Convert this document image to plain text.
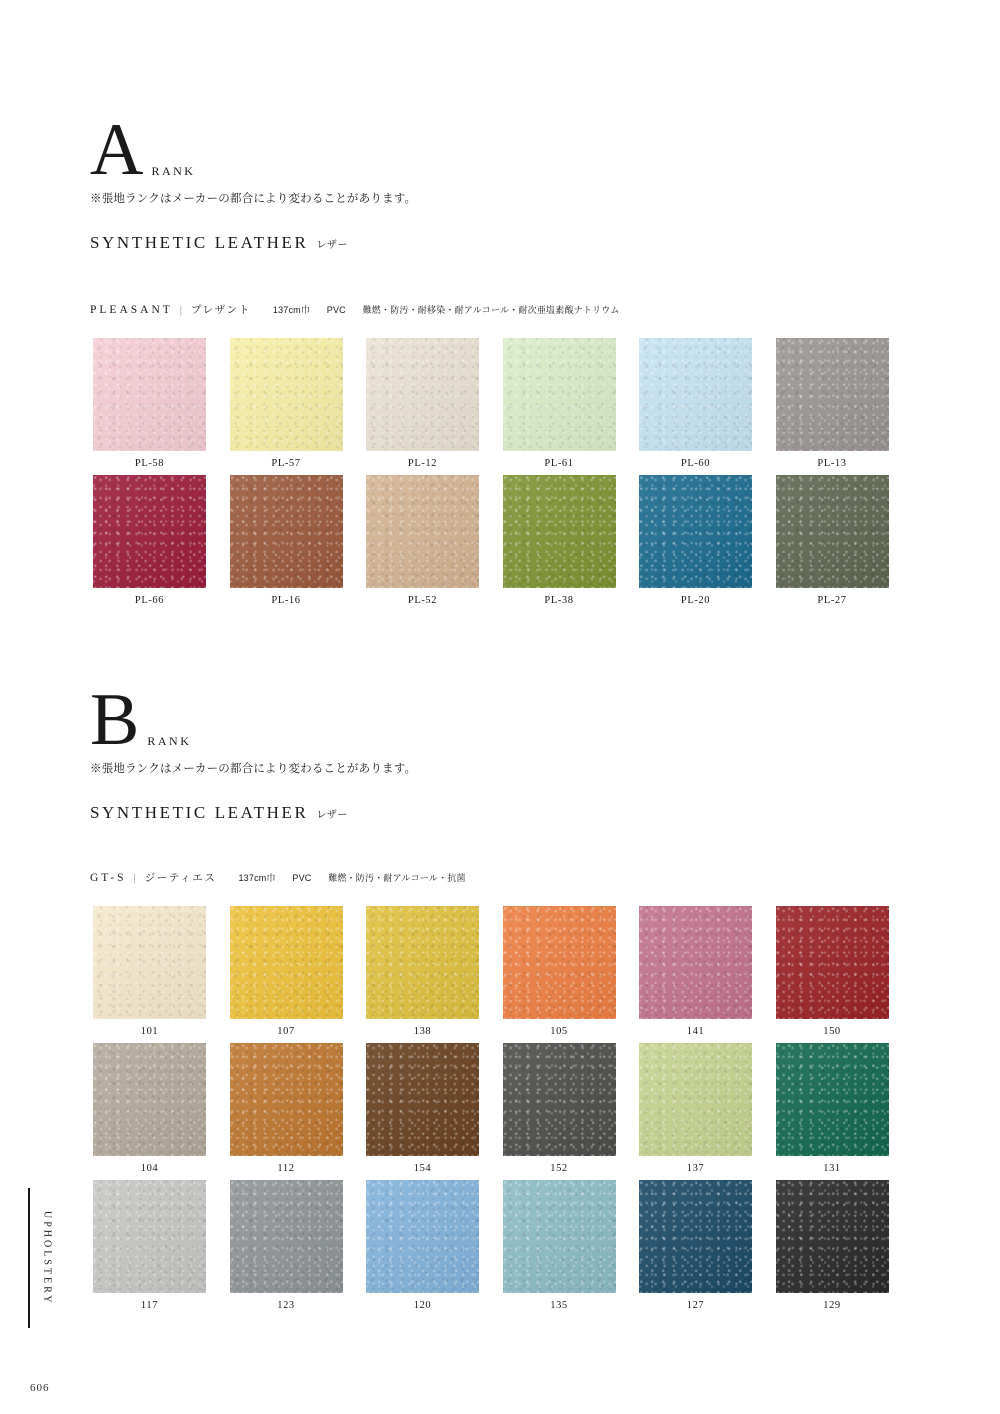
A RANK
※張地ランクはメーカーの都合により変わることがあります。
SYNTHETIC LEATHER レザー
PLEASANT | プレザント	137cm巾 PVC 難燃・防汚・耐移染・耐アルコール・耐次亜塩素酸ナトリウム
PL-58	PL-57	PL-12	PL-61	PL-60	PL-13
PL-66	PL-16	PL-52	PL-38	PL-20	PL-27
B RANK
※張地ランクはメーカーの都合により変わることがあります。
SYNTHETIC LEATHER レザー
GT-S | ジーティエス	137cm巾 PVC 難燃・防汚・耐アルコール・抗菌
101	107	138	105	141	150
104	112	154	152	137	131
117	123	120	135	127	129
UPHOLSTERY
606
